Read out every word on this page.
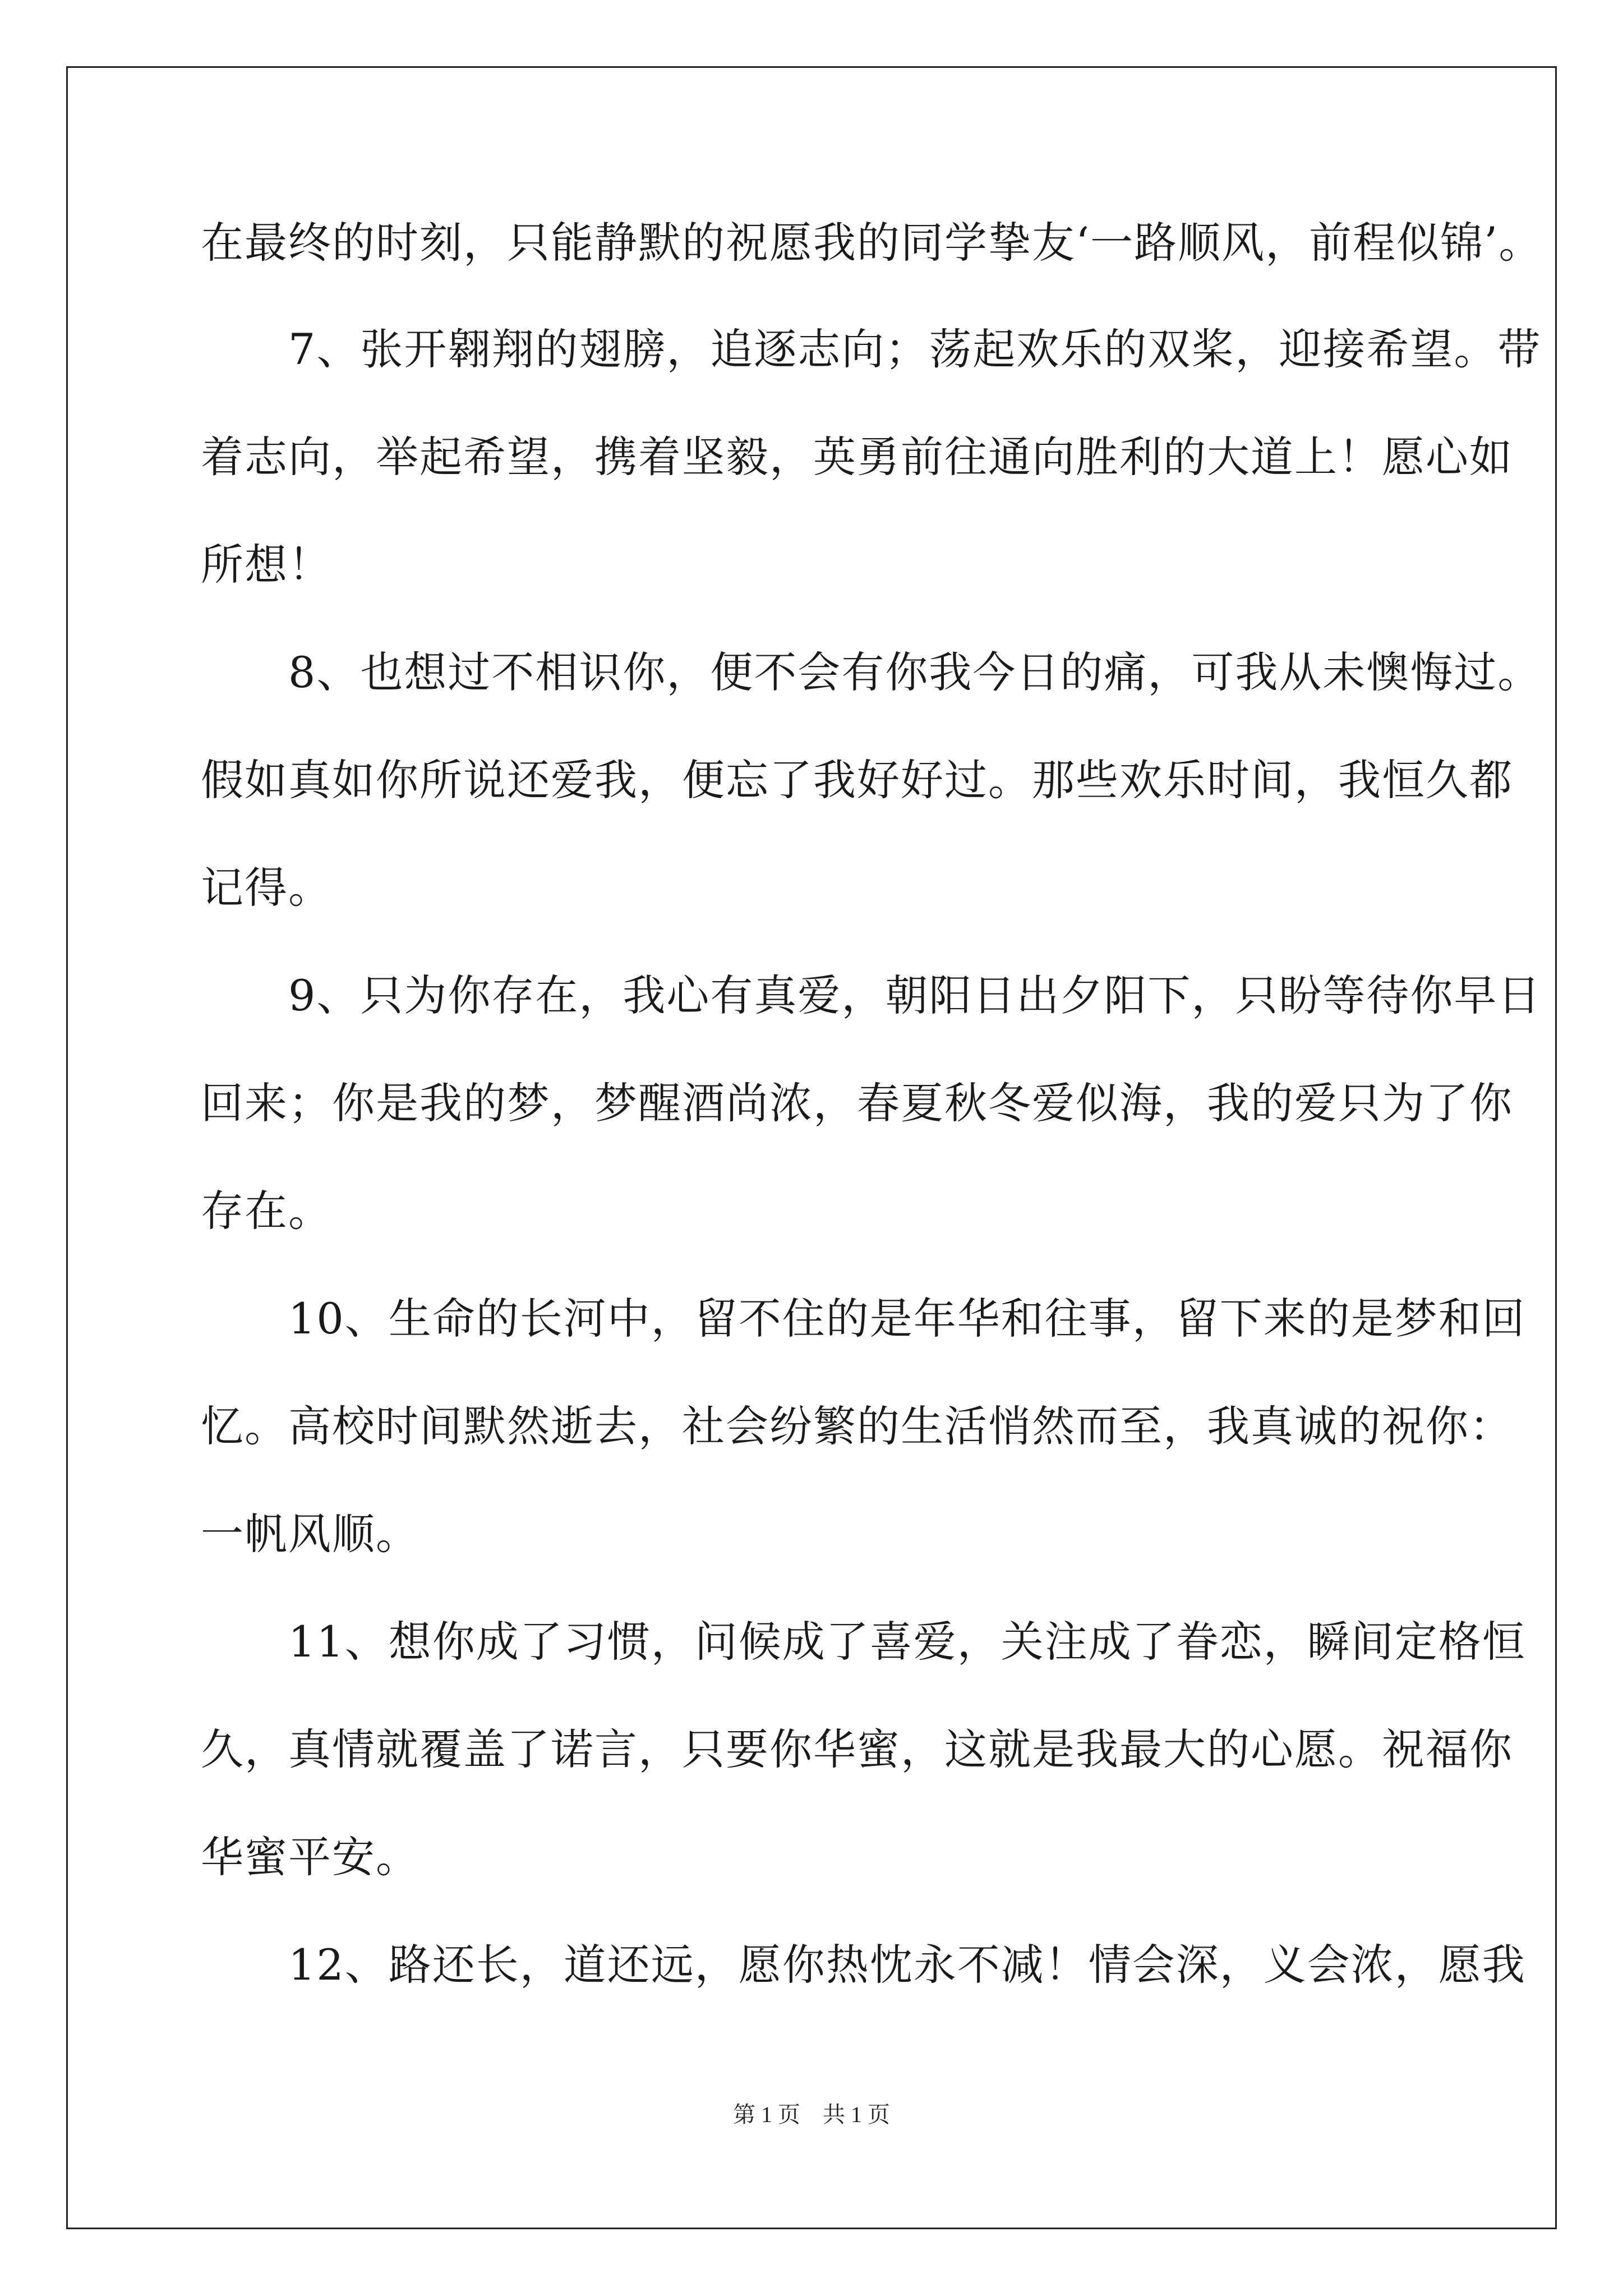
在最终的时刻，只能静默的祝愿我的同学挚友‘一路顺风，前程似锦’。
　　7、张开翱翔的翅膀，追逐志向；荡起欢乐的双桨，迎接希望。带
着志向，举起希望，携着坚毅，英勇前往通向胜利的大道上！愿心如
所想！
　　8、也想过不相识你，便不会有你我今日的痛，可我从未懊悔过。
假如真如你所说还爱我，便忘了我好好过。那些欢乐时间，我恒久都
记得。
　　9、只为你存在，我心有真爱，朝阳日出夕阳下，只盼等待你早日
回来；你是我的梦，梦醒酒尚浓，春夏秋冬爱似海，我的爱只为了你
存在。
　　10、生命的长河中，留不住的是年华和往事，留下来的是梦和回
忆。高校时间默然逝去，社会纷繁的生活悄然而至，我真诚的祝你：
一帆风顺。
　　11、想你成了习惯，问候成了喜爱，关注成了眷恋，瞬间定格恒
久，真情就覆盖了诺言，只要你华蜜，这就是我最大的心愿。祝福你
华蜜平安。
　　12、路还长，道还远，愿你热忱永不减！情会深，义会浓，愿我
第 1 页　共 1 页
